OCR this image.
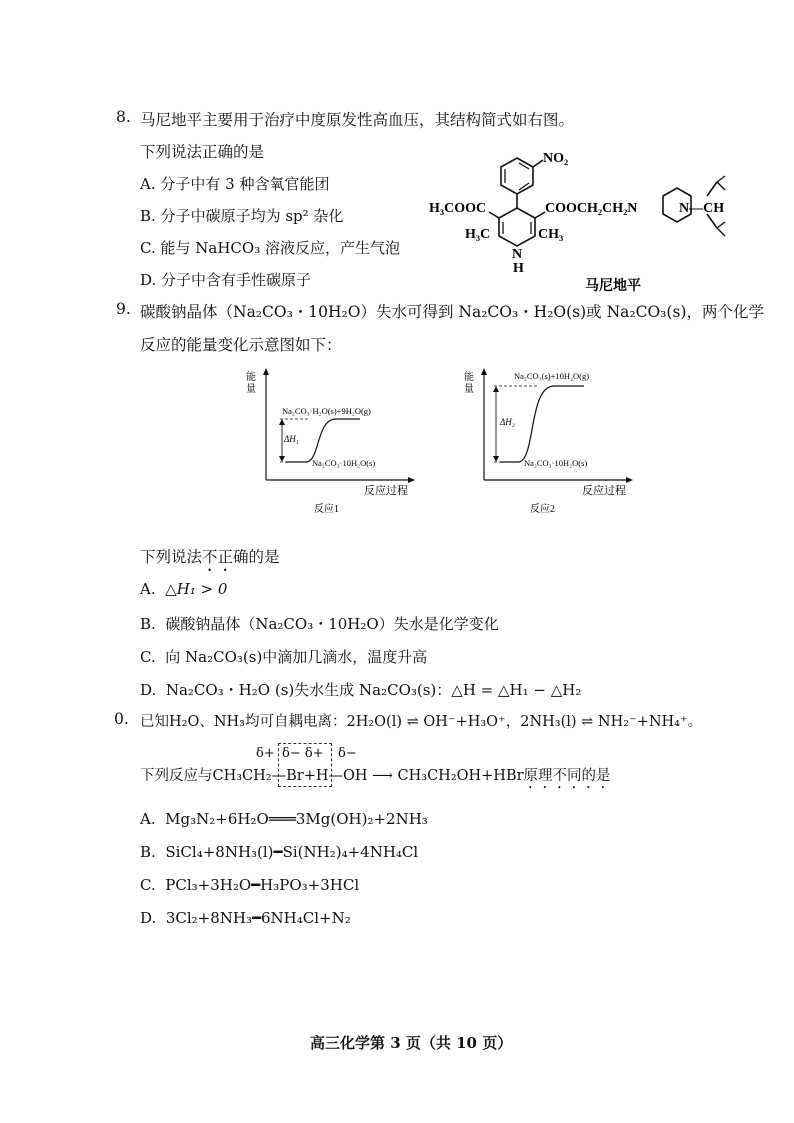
8. 马尼地平主要用于治疗中度原发性高血压，其结构简式如右图。
下列说法正确的是
A. 分子中有 3 种含氧官能团
B. 分子中碳原子均为 sp² 杂化
C. 能与 NaHCO₃ 溶液反应，产生气泡
D. 分子中含有手性碳原子
NO₂
H₃COOC	COOCH₂CH₂N
H₃C	CH₃
N
H
N—CH
马尼地平
9. 碳酸钠晶体（Na₂CO₃・10H₂O）失水可得到 Na₂CO₃・H₂O(s)或 Na₂CO₃(s)，两个化学
反应的能量变化示意图如下：
能
量
ΔH₁
Na₂CO₃·H₂O(s)+9H₂O(g)
Na₂CO₃·10H₂O(s)
反应过程
反应1
能
量
ΔH₂
Na₂CO₃(s)+10H₂O(g)
Na₂CO₃·10H₂O(s)
反应过程
反应2
下列说法不正确的是
A. △H₁ > 0
B. 碳酸钠晶体（Na₂CO₃・10H₂O）失水是化学变化
C. 向 Na₂CO₃(s)中滴加几滴水，温度升高
D. Na₂CO₃・H₂O (s)失水生成 Na₂CO₃(s)：△H = △H₁ − △H₂
0. 已知H₂O、NH₃均可自耦电离：2H₂O(l) ⇌ OH⁻+H₃O⁺，2NH₃(l) ⇌ NH₂⁻+NH₄⁺。
δ+ δ− δ+ δ−
下列反应与CH₃CH₂—Br+H—OH ⟶ CH₃CH₂OH+HBr原理不同的是
A. Mg₃N₂+6H₂O═══3Mg(OH)₂+2NH₃
B. SiCl₄+8NH₃(l)━Si(NH₂)₄+4NH₄Cl
C. PCl₃+3H₂O━H₃PO₃+3HCl
D. 3Cl₂+8NH₃━6NH₄Cl+N₂
高三化学第 3 页（共 10 页）
